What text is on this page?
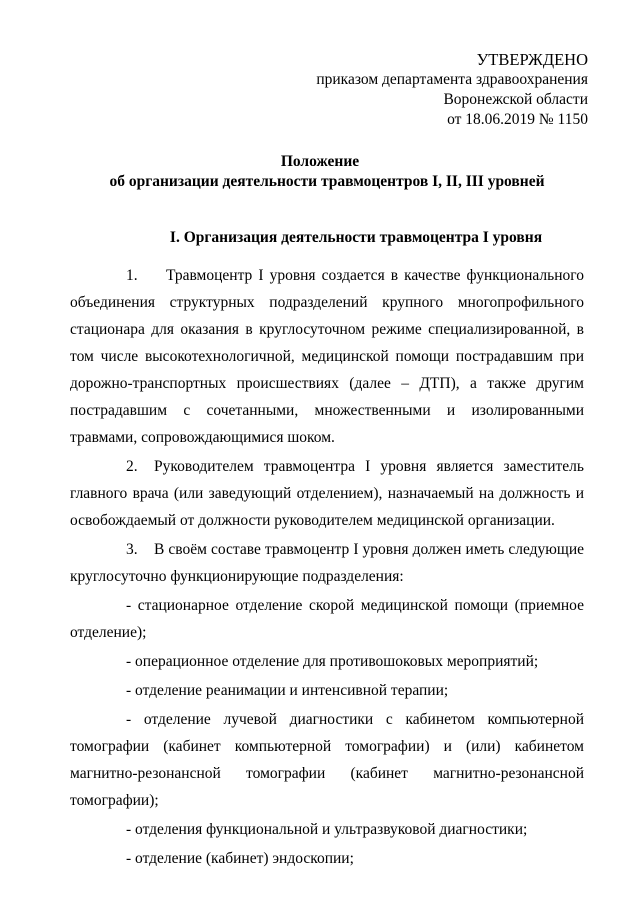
УТВЕРЖДЕНО
приказом департамента здравоохранения
Воронежской области
от 18.06.2019 № 1150
Положение
об организации деятельности травмоцентров I, II, III уровней
I. Организация деятельности травмоцентра I уровня

1. Травмоцентр I уровня создается в качестве функционального объединения структурных подразделений крупного многопрофильного стационара для оказания в круглосуточном режиме специализированной, в том числе высокотехнологичной, медицинской помощи пострадавшим при дорожно-транспортных происшествиях (далее – ДТП), а также другим пострадавшим с сочетанными, множественными и изолированными травмами, сопровождающимися шоком.

2. Руководителем травмоцентра I уровня является заместитель главного врача (или заведующий отделением), назначаемый на должность и освобождаемый от должности руководителем медицинской организации.

3. В своём составе травмоцентр I уровня должен иметь следующие круглосуточно функционирующие подразделения:

- стационарное отделение скорой медицинской помощи (приемное отделение);

- операционное отделение для противошоковых мероприятий;

- отделение реанимации и интенсивной терапии;

- отделение лучевой диагностики с кабинетом компьютерной томографии (кабинет компьютерной томографии) и (или) кабинетом магнитно-резонансной томографии (кабинет магнитно-резонансной томографии);

- отделения функциональной и ультразвуковой диагностики;

- отделение (кабинет) эндоскопии;
